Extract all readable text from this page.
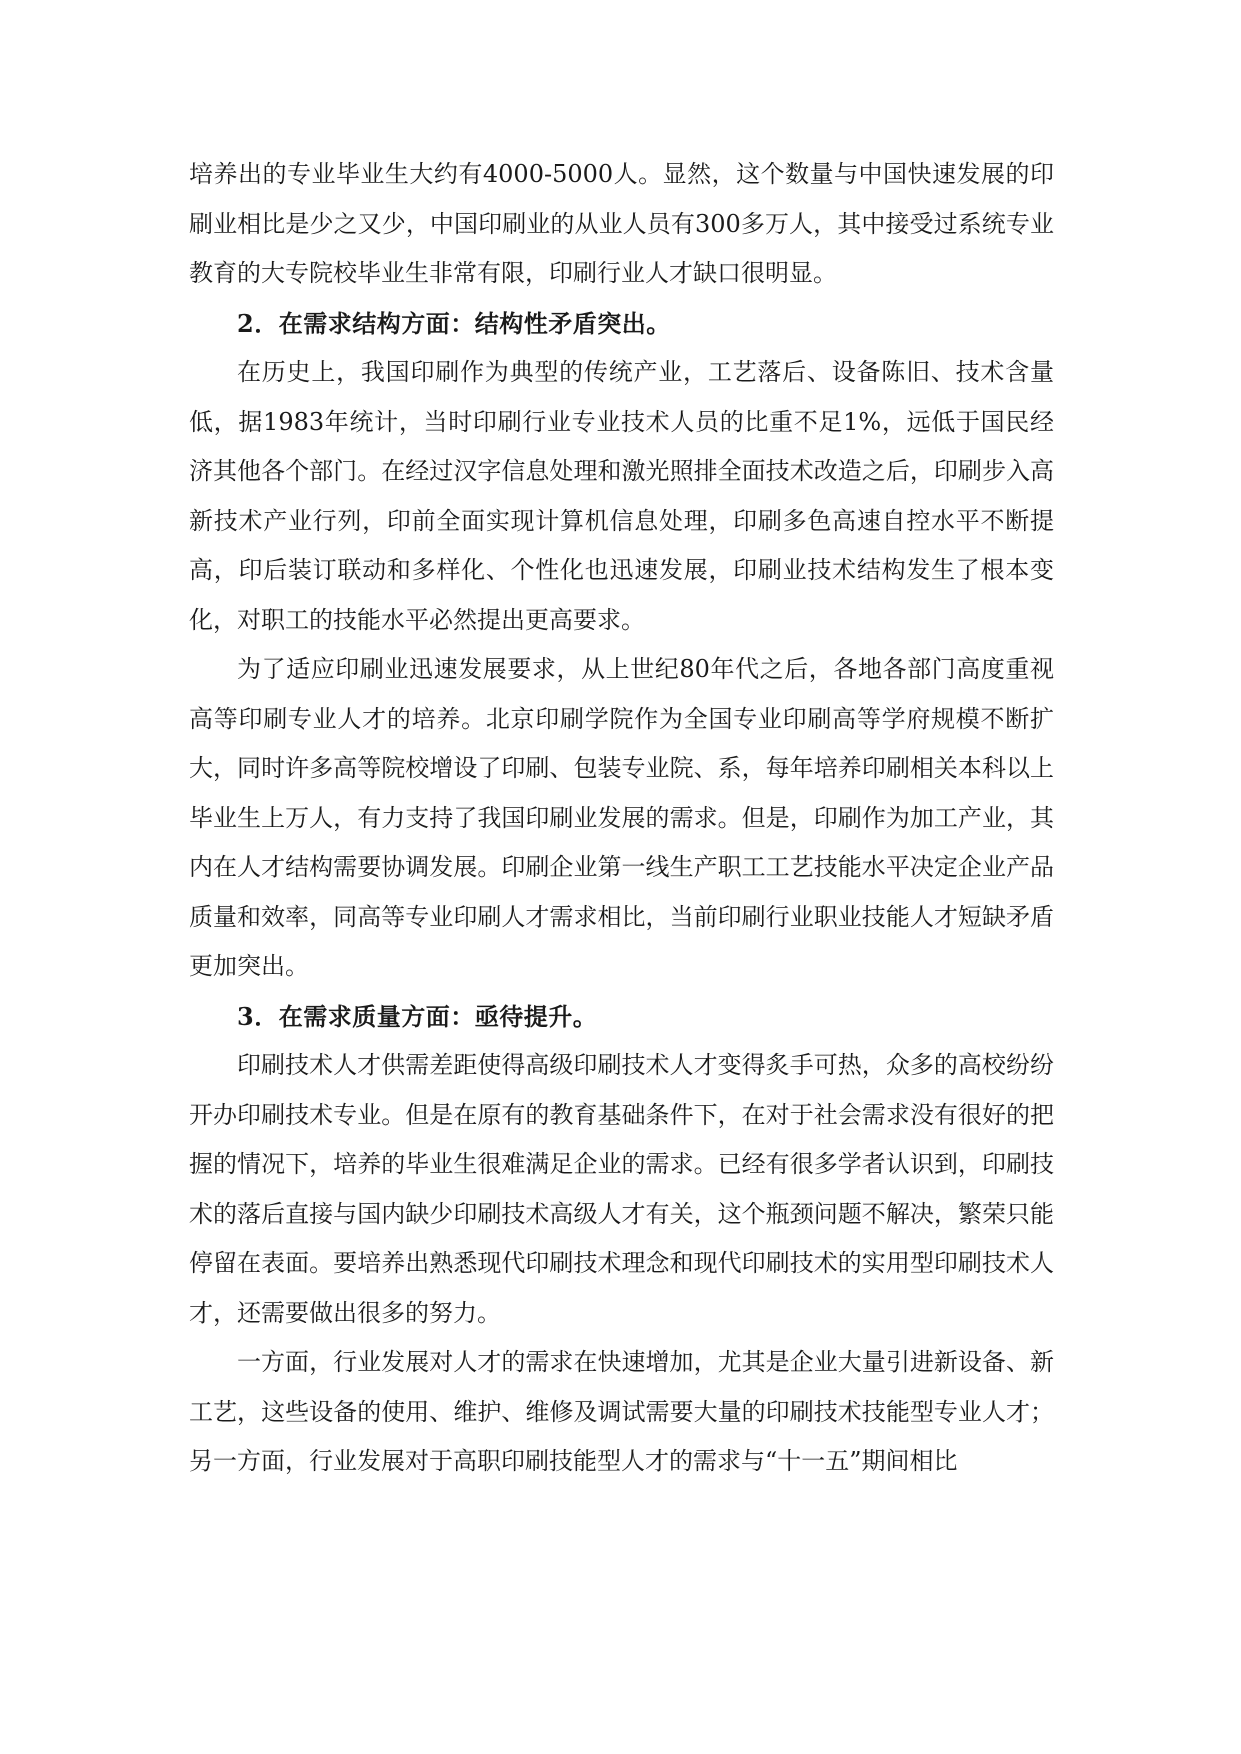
培养出的专业毕业生大约有4000-5000人。显然，这个数量与中国快速发展的印刷业相比是少之又少，中国印刷业的从业人员有300多万人，其中接受过系统专业教育的大专院校毕业生非常有限，印刷行业人才缺口很明显。

2．在需求结构方面：结构性矛盾突出。

在历史上，我国印刷作为典型的传统产业，工艺落后、设备陈旧、技术含量低，据1983年统计，当时印刷行业专业技术人员的比重不足1%，远低于国民经济其他各个部门。在经过汉字信息处理和激光照排全面技术改造之后，印刷步入高新技术产业行列，印前全面实现计算机信息处理，印刷多色高速自控水平不断提高，印后装订联动和多样化、个性化也迅速发展，印刷业技术结构发生了根本变化，对职工的技能水平必然提出更高要求。

为了适应印刷业迅速发展要求，从上世纪80年代之后，各地各部门高度重视高等印刷专业人才的培养。北京印刷学院作为全国专业印刷高等学府规模不断扩大，同时许多高等院校增设了印刷、包装专业院、系，每年培养印刷相关本科以上毕业生上万人，有力支持了我国印刷业发展的需求。但是，印刷作为加工产业，其内在人才结构需要协调发展。印刷企业第一线生产职工工艺技能水平决定企业产品质量和效率，同高等专业印刷人才需求相比，当前印刷行业职业技能人才短缺矛盾更加突出。

3．在需求质量方面：亟待提升。

印刷技术人才供需差距使得高级印刷技术人才变得炙手可热，众多的高校纷纷开办印刷技术专业。但是在原有的教育基础条件下，在对于社会需求没有很好的把握的情况下，培养的毕业生很难满足企业的需求。已经有很多学者认识到，印刷技术的落后直接与国内缺少印刷技术高级人才有关，这个瓶颈问题不解决，繁荣只能停留在表面。要培养出熟悉现代印刷技术理念和现代印刷技术的实用型印刷技术人才，还需要做出很多的努力。

一方面，行业发展对人才的需求在快速增加，尤其是企业大量引进新设备、新工艺，这些设备的使用、维护、维修及调试需要大量的印刷技术技能型专业人才；另一方面，行业发展对于高职印刷技能型人才的需求与“十一五”期间相比
